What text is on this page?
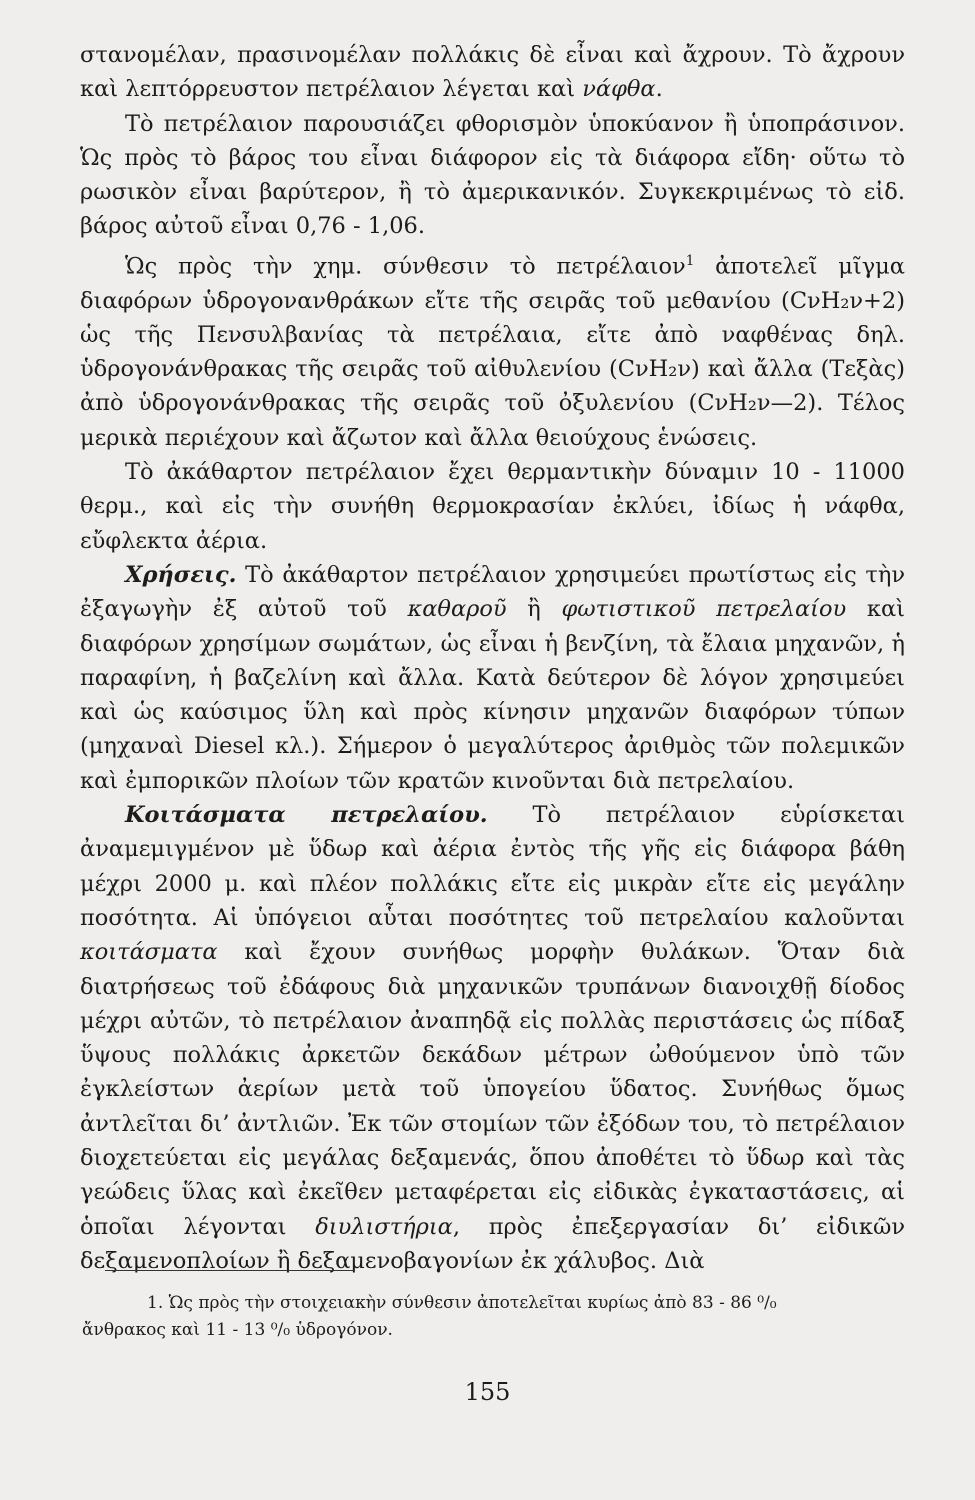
στανομέλαν, πρασινομέλαν πολλάκις δὲ εἶναι καὶ ἄχρουν. Τὸ ἄχρουν καὶ λεπτόρρευστον πετρέλαιον λέγεται καὶ νάφθα.

Τὸ πετρέλαιον παρουσιάζει φθορισμὸν ὑποκύανον ἢ ὑποπράσινον. Ὡς πρὸς τὸ βάρος του εἶναι διάφορον εἰς τὰ διάφορα εἴδη· οὕτω τὸ ρωσικὸν εἶναι βαρύτερον, ἢ τὸ ἀμερικανικόν. Συγκεκριμένως τὸ εἰδ. βάρος αὐτοῦ εἶναι 0,76 - 1,06.

Ὡς πρὸς τὴν χημ. σύνθεσιν τὸ πετρέλαιον$^1$ ἀποτελεῖ μῖγμα διαφόρων ὑδρογονανθράκων εἴτε τῆς σειρᾶς τοῦ μεθανίου (CνH₂ν+2) ὡς τῆς Πενσυλβανίας τὰ πετρέλαια, εἴτε ἀπὸ ναφθένας δηλ. ὑδρογονάνθρακας τῆς σειρᾶς τοῦ αἰθυλενίου (CνH₂ν) καὶ ἄλλα (Τεξὰς) ἀπὸ ὑδρογονάνθρακας τῆς σειρᾶς τοῦ ὀξυλενίου (CνH₂ν—2). Τέλος μερικὰ περιέχουν καὶ ἄζωτον καὶ ἄλλα θειούχους ἑνώσεις.

Τὸ ἀκάθαρτον πετρέλαιον ἔχει θερμαντικὴν δύναμιν 10 - 11000 θερμ., καὶ εἰς τὴν συνήθη θερμοκρασίαν ἐκλύει, ἰδίως ἡ νάφθα, εὔφλεκτα ἀέρια.

Χρήσεις. Τὸ ἀκάθαρτον πετρέλαιον χρησιμεύει πρωτίστως εἰς τὴν ἐξαγωγὴν ἐξ αὐτοῦ τοῦ καθαροῦ ἢ φωτιστικοῦ πετρελαίου καὶ διαφόρων χρησίμων σωμάτων, ὡς εἶναι ἡ βενζίνη, τὰ ἔλαια μηχανῶν, ἡ παραφίνη, ἡ βαζελίνη καὶ ἄλλα. Κατὰ δεύτερον δὲ λόγον χρησιμεύει καὶ ὡς καύσιμος ὕλη καὶ πρὸς κίνησιν μηχανῶν διαφόρων τύπων (μηχαναὶ Diesel κλ.). Σήμερον ὁ μεγαλύτερος ἀριθμὸς τῶν πολεμικῶν καὶ ἐμπορικῶν πλοίων τῶν κρατῶν κινοῦνται διὰ πετρελαίου.

Κοιτάσματα πετρελαίου. Τὸ πετρέλαιον εὑρίσκεται ἀναμεμιγμένον μὲ ὕδωρ καὶ ἀέρια ἐντὸς τῆς γῆς εἰς διάφορα βάθη μέχρι 2000 μ. καὶ πλέον πολλάκις εἴτε εἰς μικρὰν εἴτε εἰς μεγάλην ποσότητα. Αἱ ὑπόγειοι αὗται ποσότητες τοῦ πετρελαίου καλοῦνται κοιτάσματα καὶ ἔχουν συνήθως μορφὴν θυλάκων. Ὅταν διὰ διατρήσεως τοῦ ἐδάφους διὰ μηχανικῶν τρυπάνων διανοιχθῇ δίοδος μέχρι αὐτῶν, τὸ πετρέλαιον ἀναπηδᾷ εἰς πολλὰς περιστάσεις ὡς πίδαξ ὕψους πολλάκις ἀρκετῶν δεκάδων μέτρων ὠθούμενον ὑπὸ τῶν ἐγκλείστων ἀερίων μετὰ τοῦ ὑπογείου ὕδατος. Συνήθως ὅμως ἀντλεῖται δι’ ἀντλιῶν. Ἐκ τῶν στομίων τῶν ἐξόδων του, τὸ πετρέλαιον διοχετεύεται εἰς μεγάλας δεξαμενάς, ὅπου ἀποθέτει τὸ ὕδωρ καὶ τὰς γεώδεις ὕλας καὶ ἐκεῖθεν μεταφέρεται εἰς εἰδικὰς ἐγκαταστάσεις, αἱ ὁποῖαι λέγονται διυλιστήρια, πρὸς ἐπεξεργασίαν δι’ εἰδικῶν δεξαμενοπλοίων ἢ δεξαμενοβαγονίων ἐκ χάλυβος. Διὰ

1. Ὡς πρὸς τὴν στοιχειακὴν σύνθεσιν ἀποτελεῖται κυρίως ἀπὸ 83 - 86 ⁰/₀

ἄνθρακος καὶ 11 - 13 ⁰/₀ ὑδρογόνον.

155
